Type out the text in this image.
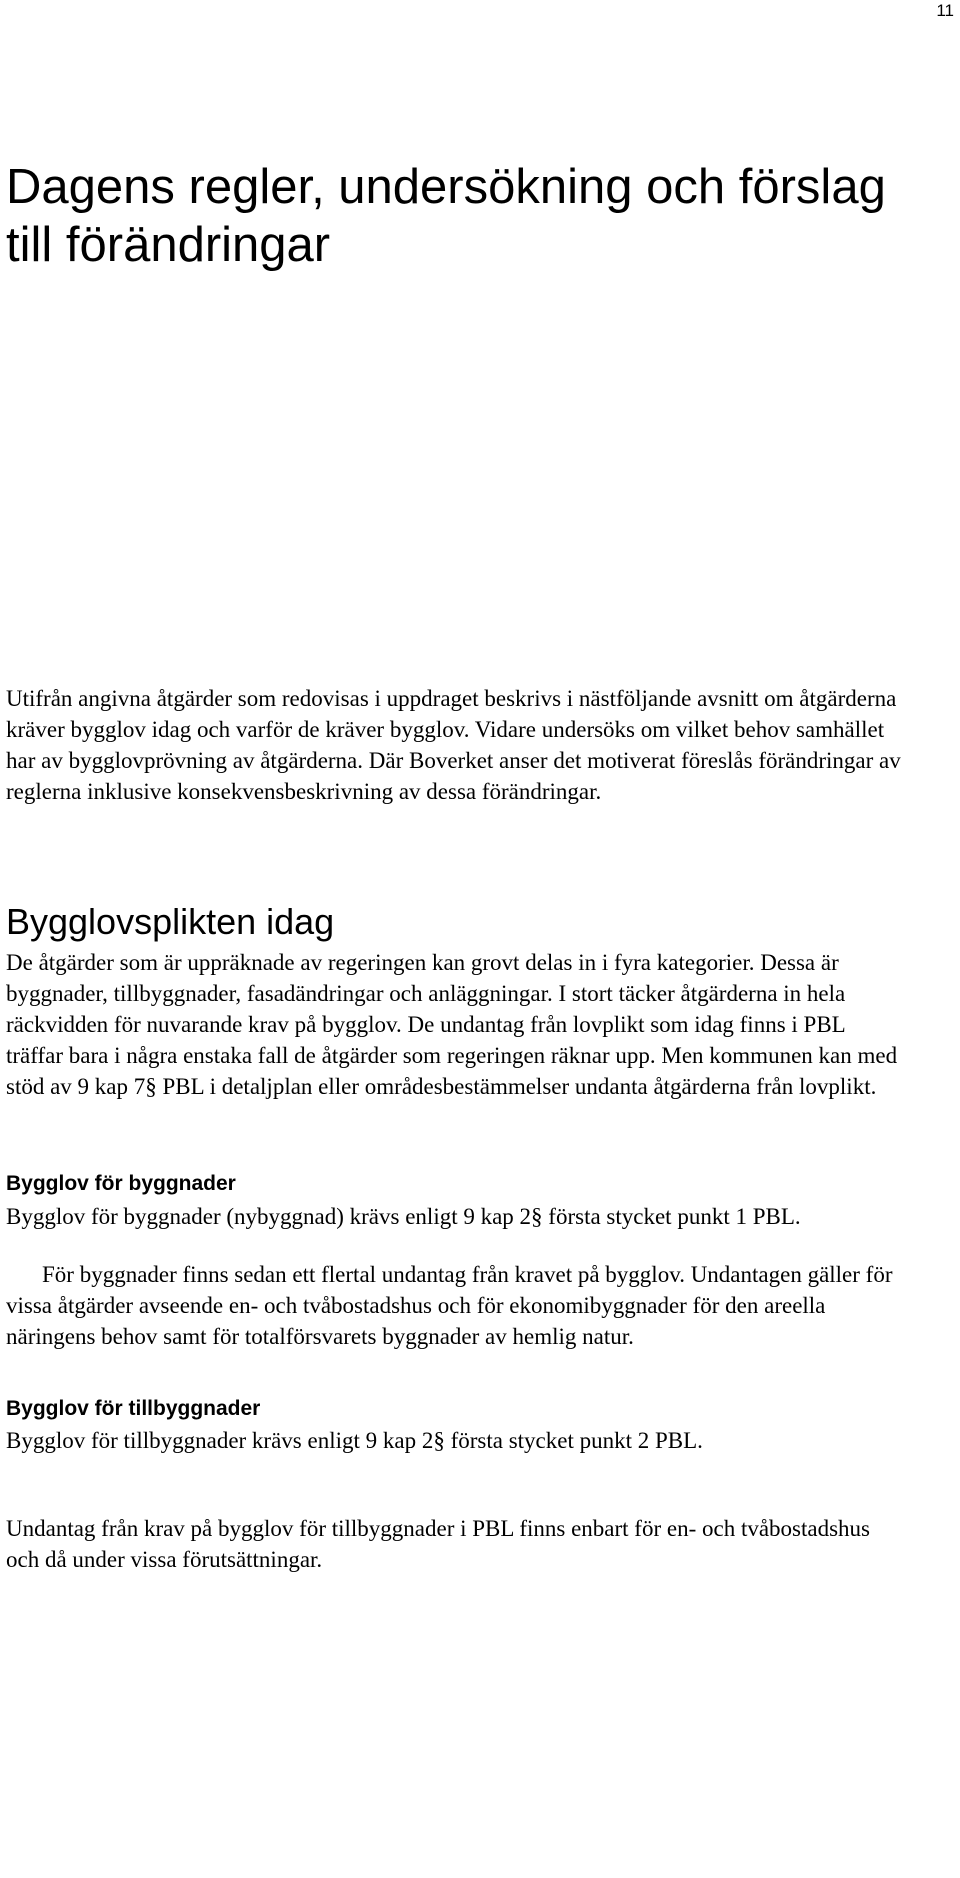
11
Dagens regler, undersökning och förslag till förändringar

Utifrån angivna åtgärder som redovisas i uppdraget beskrivs i nästföljande avsnitt om åtgärderna kräver bygglov idag och varför de kräver bygglov. Vidare undersöks om vilket behov samhället har av bygglovprövning av åtgärderna. Där Boverket anser det motiverat föreslås förändringar av reglerna inklusive konsekvensbeskrivning av dessa förändringar.

Bygglovsplikten idag

De åtgärder som är uppräknade av regeringen kan grovt delas in i fyra kategorier. Dessa är byggnader, tillbyggnader, fasadändringar och anläggningar. I stort täcker åtgärderna in hela räckvidden för nuvarande krav på bygglov. De undantag från lovplikt som idag finns i PBL träffar bara i några enstaka fall de åtgärder som regeringen räknar upp. Men kommunen kan med stöd av 9 kap 7§ PBL i detaljplan eller områdesbestämmelser undanta åtgärderna från lovplikt.

Bygglov för byggnader

Bygglov för byggnader (nybyggnad) krävs enligt 9 kap 2§ första stycket punkt 1 PBL.

För byggnader finns sedan ett flertal undantag från kravet på bygglov. Undantagen gäller för vissa åtgärder avseende en- och tvåbostadshus och för ekonomibyggnader för den areella näringens behov samt för totalförsvarets byggnader av hemlig natur.

Bygglov för tillbyggnader

Bygglov för tillbyggnader krävs enligt 9 kap 2§ första stycket punkt 2 PBL.

Undantag från krav på bygglov för tillbyggnader i PBL finns enbart för en- och tvåbostadshus och då under vissa förutsättningar.
